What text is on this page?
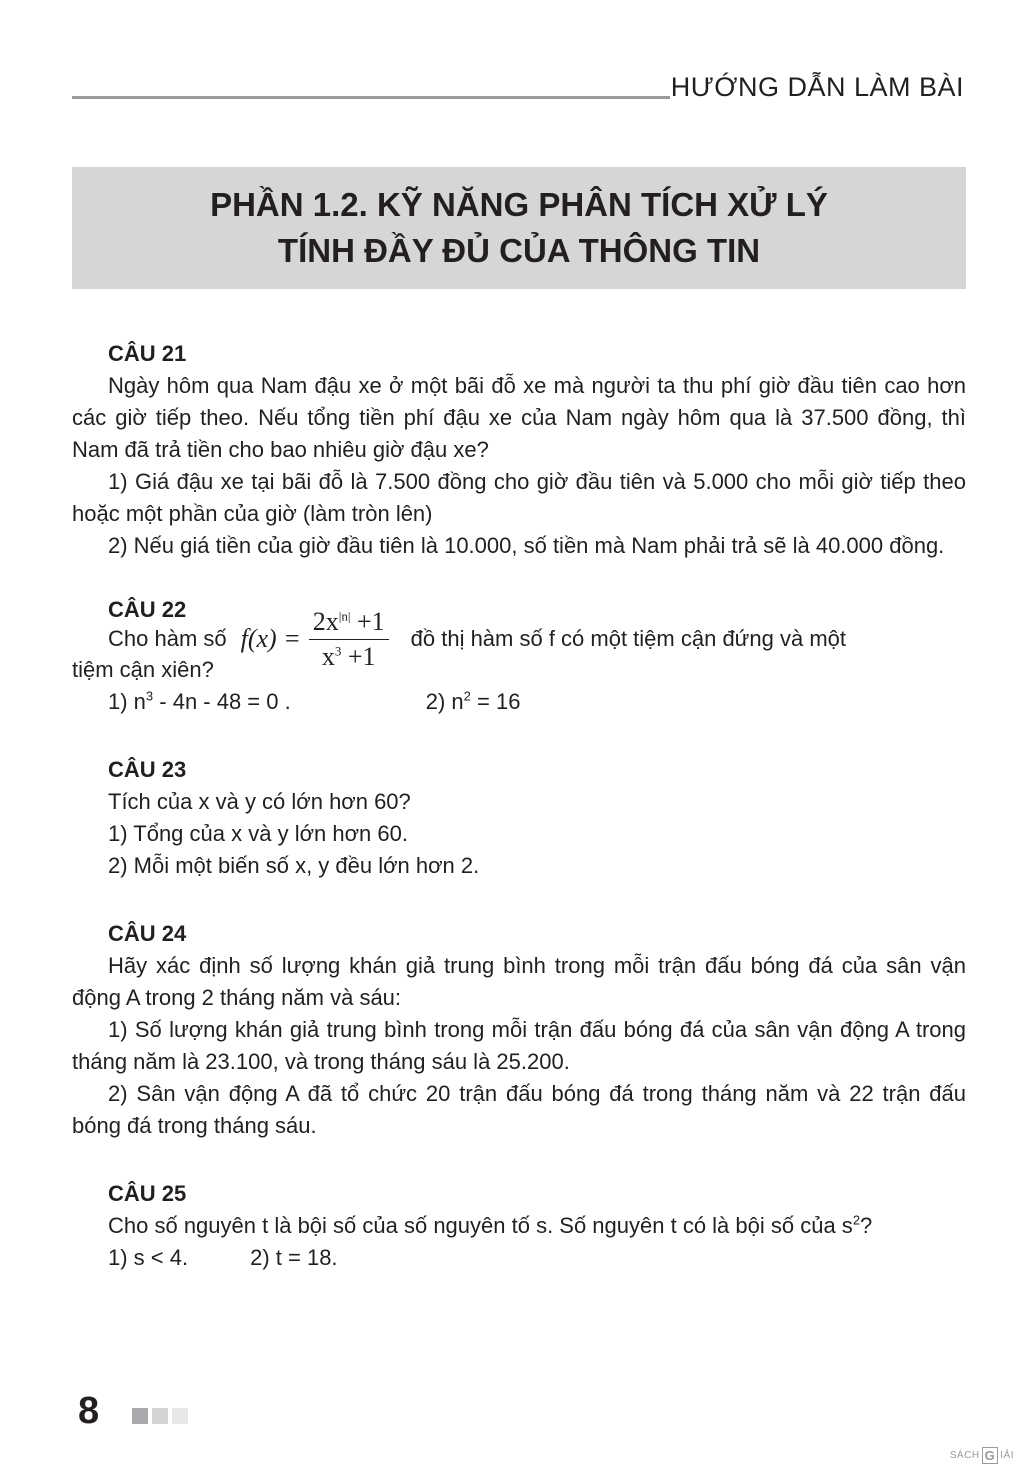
HƯỚNG DẪN LÀM BÀI
PHẦN 1.2. KỸ NĂNG PHÂN TÍCH XỬ LÝ
TÍNH ĐẦY ĐỦ CỦA THÔNG TIN
CÂU 21

Ngày hôm qua Nam đậu xe ở một bãi đỗ xe mà người ta thu phí giờ đầu tiên cao hơn các giờ tiếp theo. Nếu tổng tiền phí đậu xe của Nam ngày hôm qua là 37.500 đồng, thì Nam đã trả tiền cho bao nhiêu giờ đậu xe?

1) Giá đậu xe tại bãi đỗ là 7.500 đồng cho giờ đầu tiên và 5.000 cho mỗi giờ tiếp theo hoặc một phần của giờ (làm tròn lên)

2) Nếu giá tiền của giờ đầu tiên là 10.000, số tiền mà Nam phải trả sẽ là 40.000 đồng.

CÂU 22
Cho hàm số $f(x) = \frac{2x^{|n|} +1}{x^3 +1}$ đồ thị hàm số f có một tiệm cận đứng và một

tiệm cận xiên?

1) $n^3 - 4n - 48 = 0$ .	2) $n^2 = 16$
CÂU 23

Tích của x và y có lớn hơn 60?

1) Tổng của x và y lớn hơn 60.

2) Mỗi một biến số x, y đều lớn hơn 2.

CÂU 24

Hãy xác định số lượng khán giả trung bình trong mỗi trận đấu bóng đá của sân vận động A trong 2 tháng năm và sáu:

1) Số lượng khán giả trung bình trong mỗi trận đấu bóng đá của sân vận động A trong tháng năm là 23.100, và trong tháng sáu là 25.200.

2) Sân vận động A đã tổ chức 20 trận đấu bóng đá trong tháng năm và 22 trận đấu bóng đá trong tháng sáu.

CÂU 25

Cho số nguyên t là bội số của số nguyên tố s. Số nguyên t có là bội số của $s^2$?

1) s < 4.	2) t = 18.
8
SÁCH G IẢI
